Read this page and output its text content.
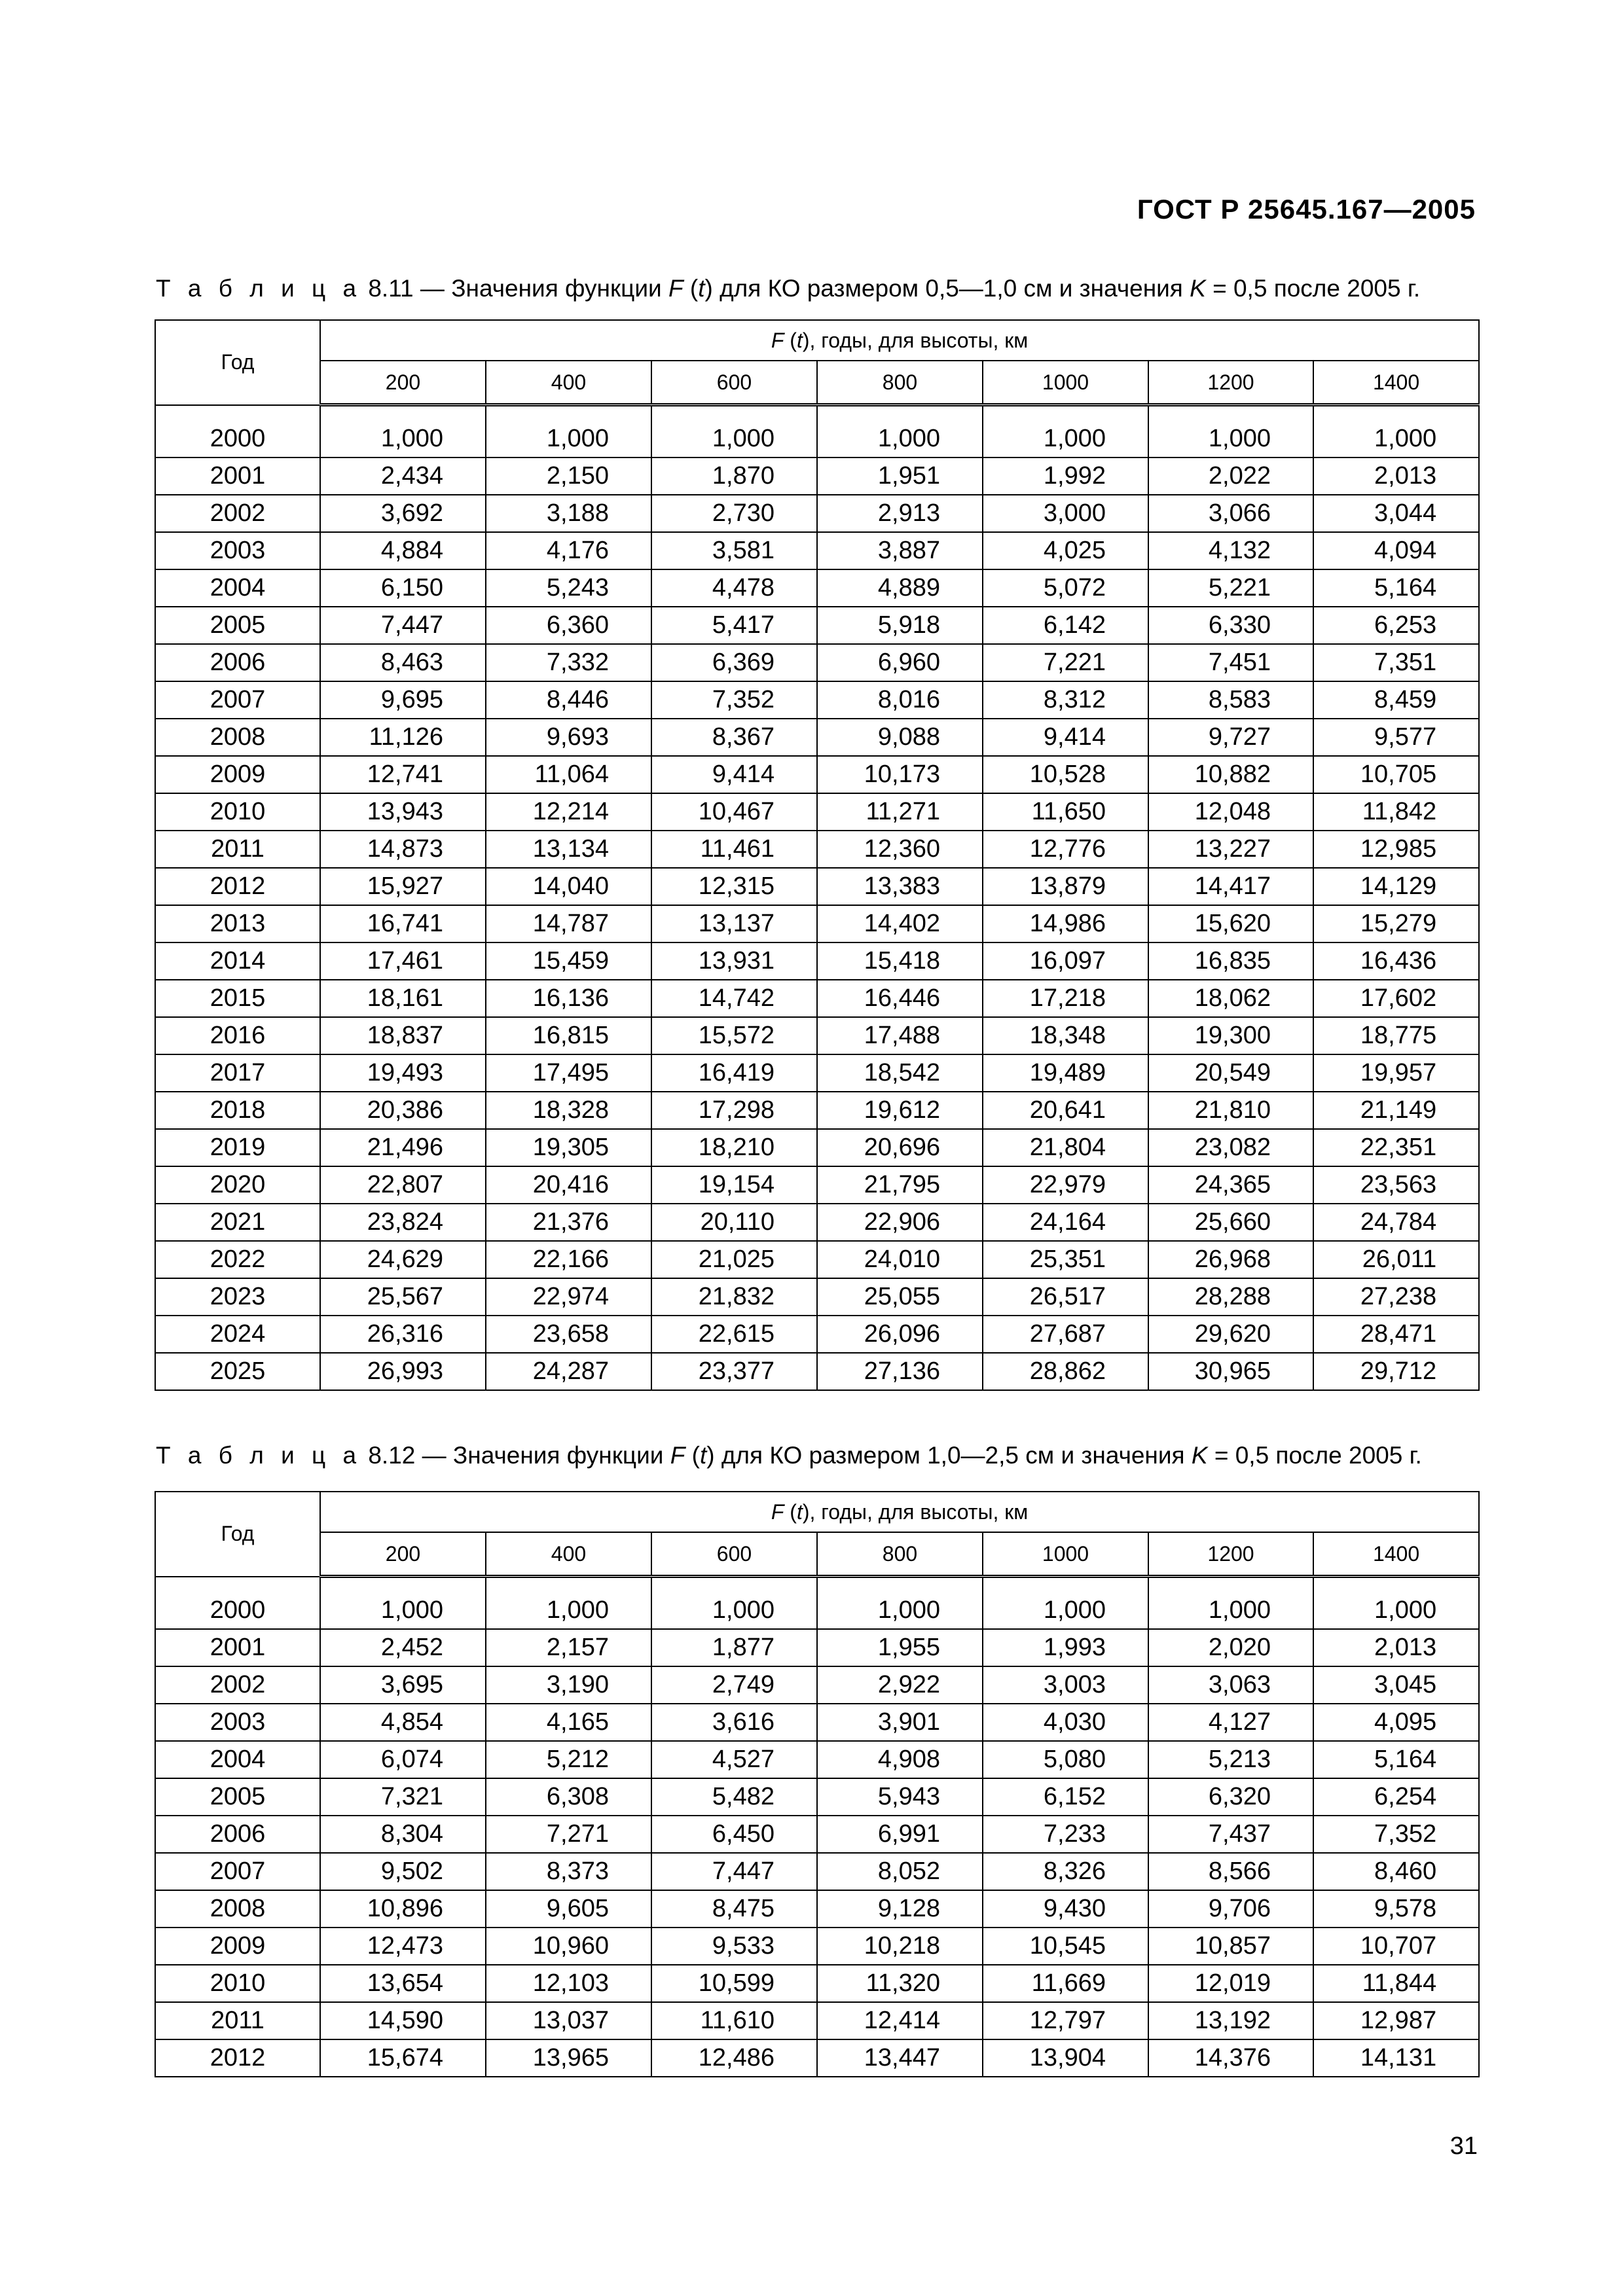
ГОСТ Р 25645.167—2005
Т а б л и ц а 8.11 — Значения функции F (t) для КО размером 0,5—1,0 см и значения K = 0,5 после 2005 г.
Год	F (t), годы, для высоты, км						
	200	400	600	800	1000	1200	1400

2000	1,000	1,000	1,000	1,000	1,000	1,000	1,000
2001	2,434	2,150	1,870	1,951	1,992	2,022	2,013
2002	3,692	3,188	2,730	2,913	3,000	3,066	3,044
2003	4,884	4,176	3,581	3,887	4,025	4,132	4,094
2004	6,150	5,243	4,478	4,889	5,072	5,221	5,164
2005	7,447	6,360	5,417	5,918	6,142	6,330	6,253
2006	8,463	7,332	6,369	6,960	7,221	7,451	7,351
2007	9,695	8,446	7,352	8,016	8,312	8,583	8,459
2008	11,126	9,693	8,367	9,088	9,414	9,727	9,577
2009	12,741	11,064	9,414	10,173	10,528	10,882	10,705
2010	13,943	12,214	10,467	11,271	11,650	12,048	11,842
2011	14,873	13,134	11,461	12,360	12,776	13,227	12,985
2012	15,927	14,040	12,315	13,383	13,879	14,417	14,129
2013	16,741	14,787	13,137	14,402	14,986	15,620	15,279
2014	17,461	15,459	13,931	15,418	16,097	16,835	16,436
2015	18,161	16,136	14,742	16,446	17,218	18,062	17,602
2016	18,837	16,815	15,572	17,488	18,348	19,300	18,775
2017	19,493	17,495	16,419	18,542	19,489	20,549	19,957
2018	20,386	18,328	17,298	19,612	20,641	21,810	21,149
2019	21,496	19,305	18,210	20,696	21,804	23,082	22,351
2020	22,807	20,416	19,154	21,795	22,979	24,365	23,563
2021	23,824	21,376	20,110	22,906	24,164	25,660	24,784
2022	24,629	22,166	21,025	24,010	25,351	26,968	26,011
2023	25,567	22,974	21,832	25,055	26,517	28,288	27,238
2024	26,316	23,658	22,615	26,096	27,687	29,620	28,471
2025	26,993	24,287	23,377	27,136	28,862	30,965	29,712
Т а б л и ц а 8.12 — Значения функции F (t) для КО размером 1,0—2,5 см и значения K = 0,5 после 2005 г.
Год	F (t), годы, для высоты, км						
	200	400	600	800	1000	1200	1400

2000	1,000	1,000	1,000	1,000	1,000	1,000	1,000
2001	2,452	2,157	1,877	1,955	1,993	2,020	2,013
2002	3,695	3,190	2,749	2,922	3,003	3,063	3,045
2003	4,854	4,165	3,616	3,901	4,030	4,127	4,095
2004	6,074	5,212	4,527	4,908	5,080	5,213	5,164
2005	7,321	6,308	5,482	5,943	6,152	6,320	6,254
2006	8,304	7,271	6,450	6,991	7,233	7,437	7,352
2007	9,502	8,373	7,447	8,052	8,326	8,566	8,460
2008	10,896	9,605	8,475	9,128	9,430	9,706	9,578
2009	12,473	10,960	9,533	10,218	10,545	10,857	10,707
2010	13,654	12,103	10,599	11,320	11,669	12,019	11,844
2011	14,590	13,037	11,610	12,414	12,797	13,192	12,987
2012	15,674	13,965	12,486	13,447	13,904	14,376	14,131
31
